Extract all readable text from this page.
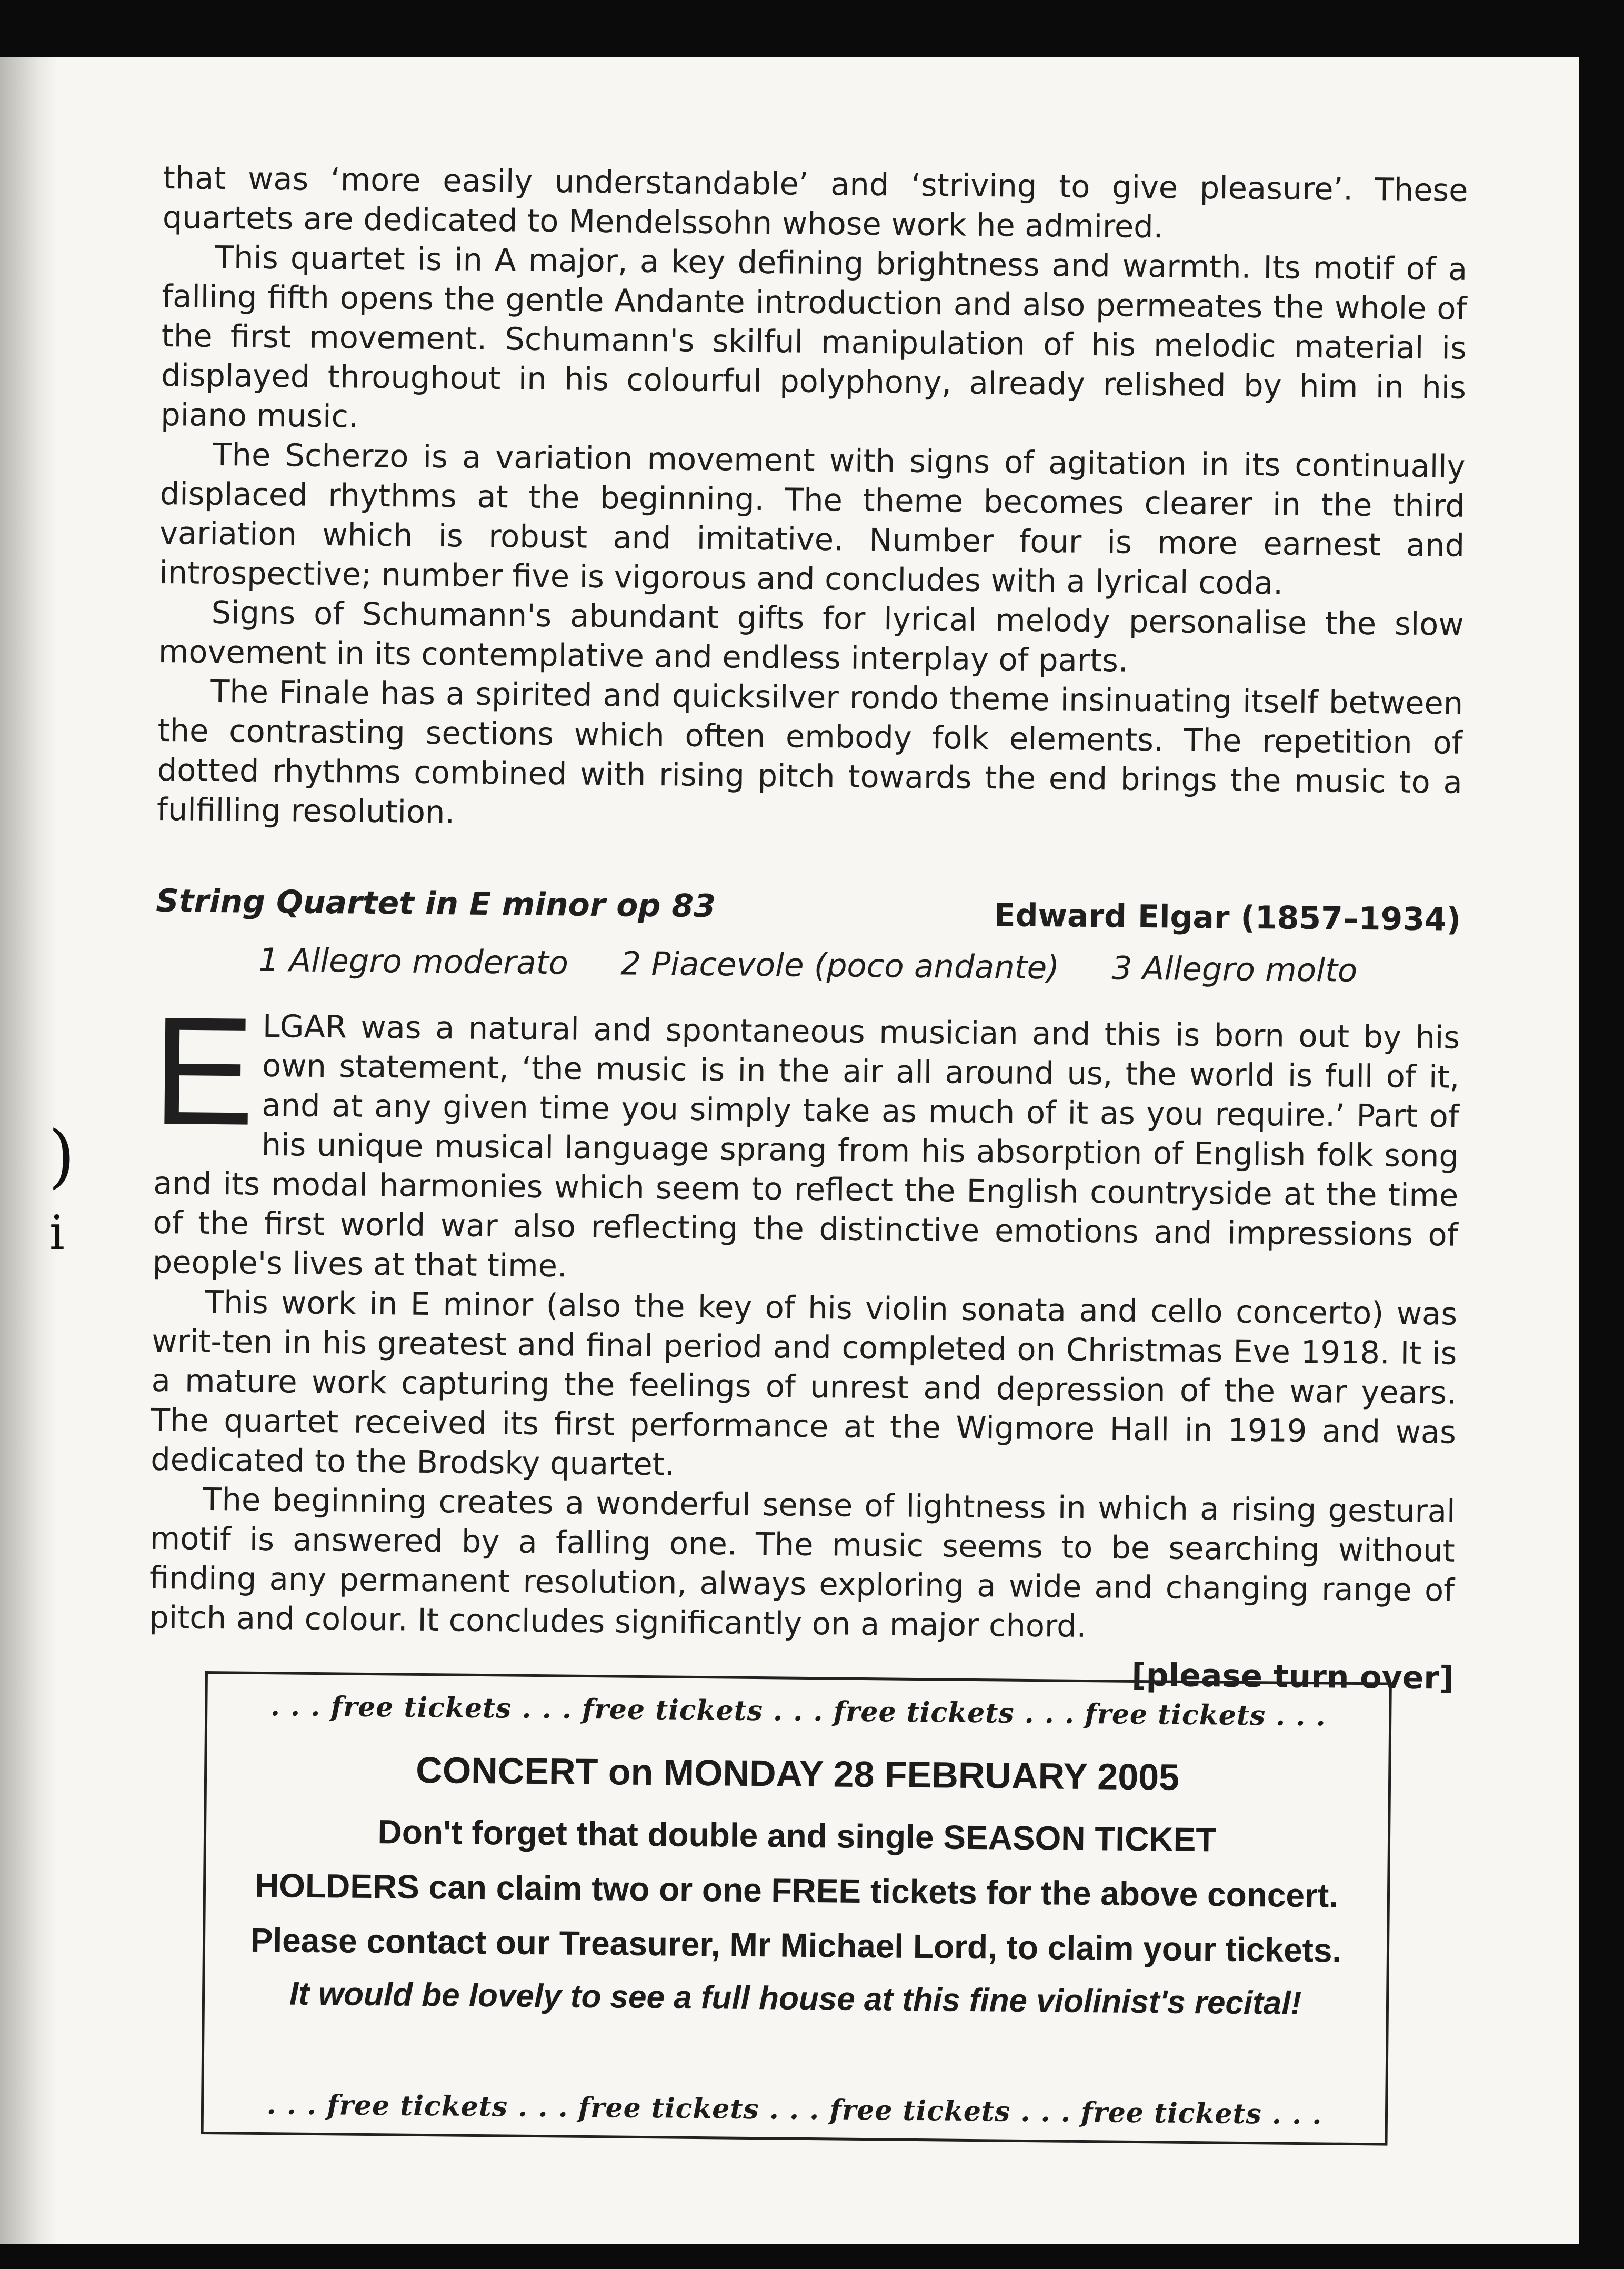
)
i

that was ‘more easily understandable’ and ‘striving to give pleasure’. These quartets are dedicated to Mendelssohn whose work he admired.

This quartet is in A major, a key defining brightness and warmth. Its motif of a falling fifth opens the gentle Andante introduction and also permeates the whole of the first movement. Schumann's skilful manipulation of his melodic material is displayed throughout in his colourful polyphony, already relished by him in his piano music.

The Scherzo is a variation movement with signs of agitation in its continually displaced rhythms at the beginning. The theme becomes clearer in the third variation which is robust and imitative. Number four is more earnest and introspective; number five is vigorous and concludes with a lyrical coda.

Signs of Schumann's abundant gifts for lyrical melody personalise the slow movement in its contemplative and endless interplay of parts.

The Finale has a spirited and quicksilver rondo theme insinuating itself between the contrasting sections which often embody folk elements. The repetition of dotted rhythms combined with rising pitch towards the end brings the music to a fulfilling resolution.

String Quartet in E minor op 83	Edward Elgar (1857–1934)
1 Allegro moderato 2 Piacevole (poco andante) 3 Allegro molto

ELGAR was a natural and spontaneous musician and this is born out by his own statement, ‘the music is in the air all around us, the world is full of it, and at any given time you simply take as much of it as you require.’ Part of his unique musical language sprang from his absorption of English folk song and its modal harmonies which seem to reflect the English countryside at the time of the first world war also reflecting the distinctive emotions and impressions of people's lives at that time.

This work in E minor (also the key of his violin sonata and cello concerto) was writ-ten in his greatest and final period and completed on Christmas Eve 1918. It is a mature work capturing the feelings of unrest and depression of the war years. The quartet received its first performance at the Wigmore Hall in 1919 and was dedicated to the Brodsky quartet.

The beginning creates a wonderful sense of lightness in which a rising gestural motif is answered by a falling one. The music seems to be searching without finding any permanent resolution, always exploring a wide and changing range of pitch and colour. It concludes significantly on a major chord.

[please turn over]
. . . free tickets . . . free tickets . . . free tickets . . . free tickets . . .
CONCERT on MONDAY 28 FEBRUARY 2005
Don't forget that double and single SEASON TICKET
HOLDERS can claim two or one FREE tickets for the above concert.
Please contact our Treasurer, Mr Michael Lord, to claim your tickets.
It would be lovely to see a full house at this fine violinist's recital!
. . . free tickets . . . free tickets . . . free tickets . . . free tickets . . .
